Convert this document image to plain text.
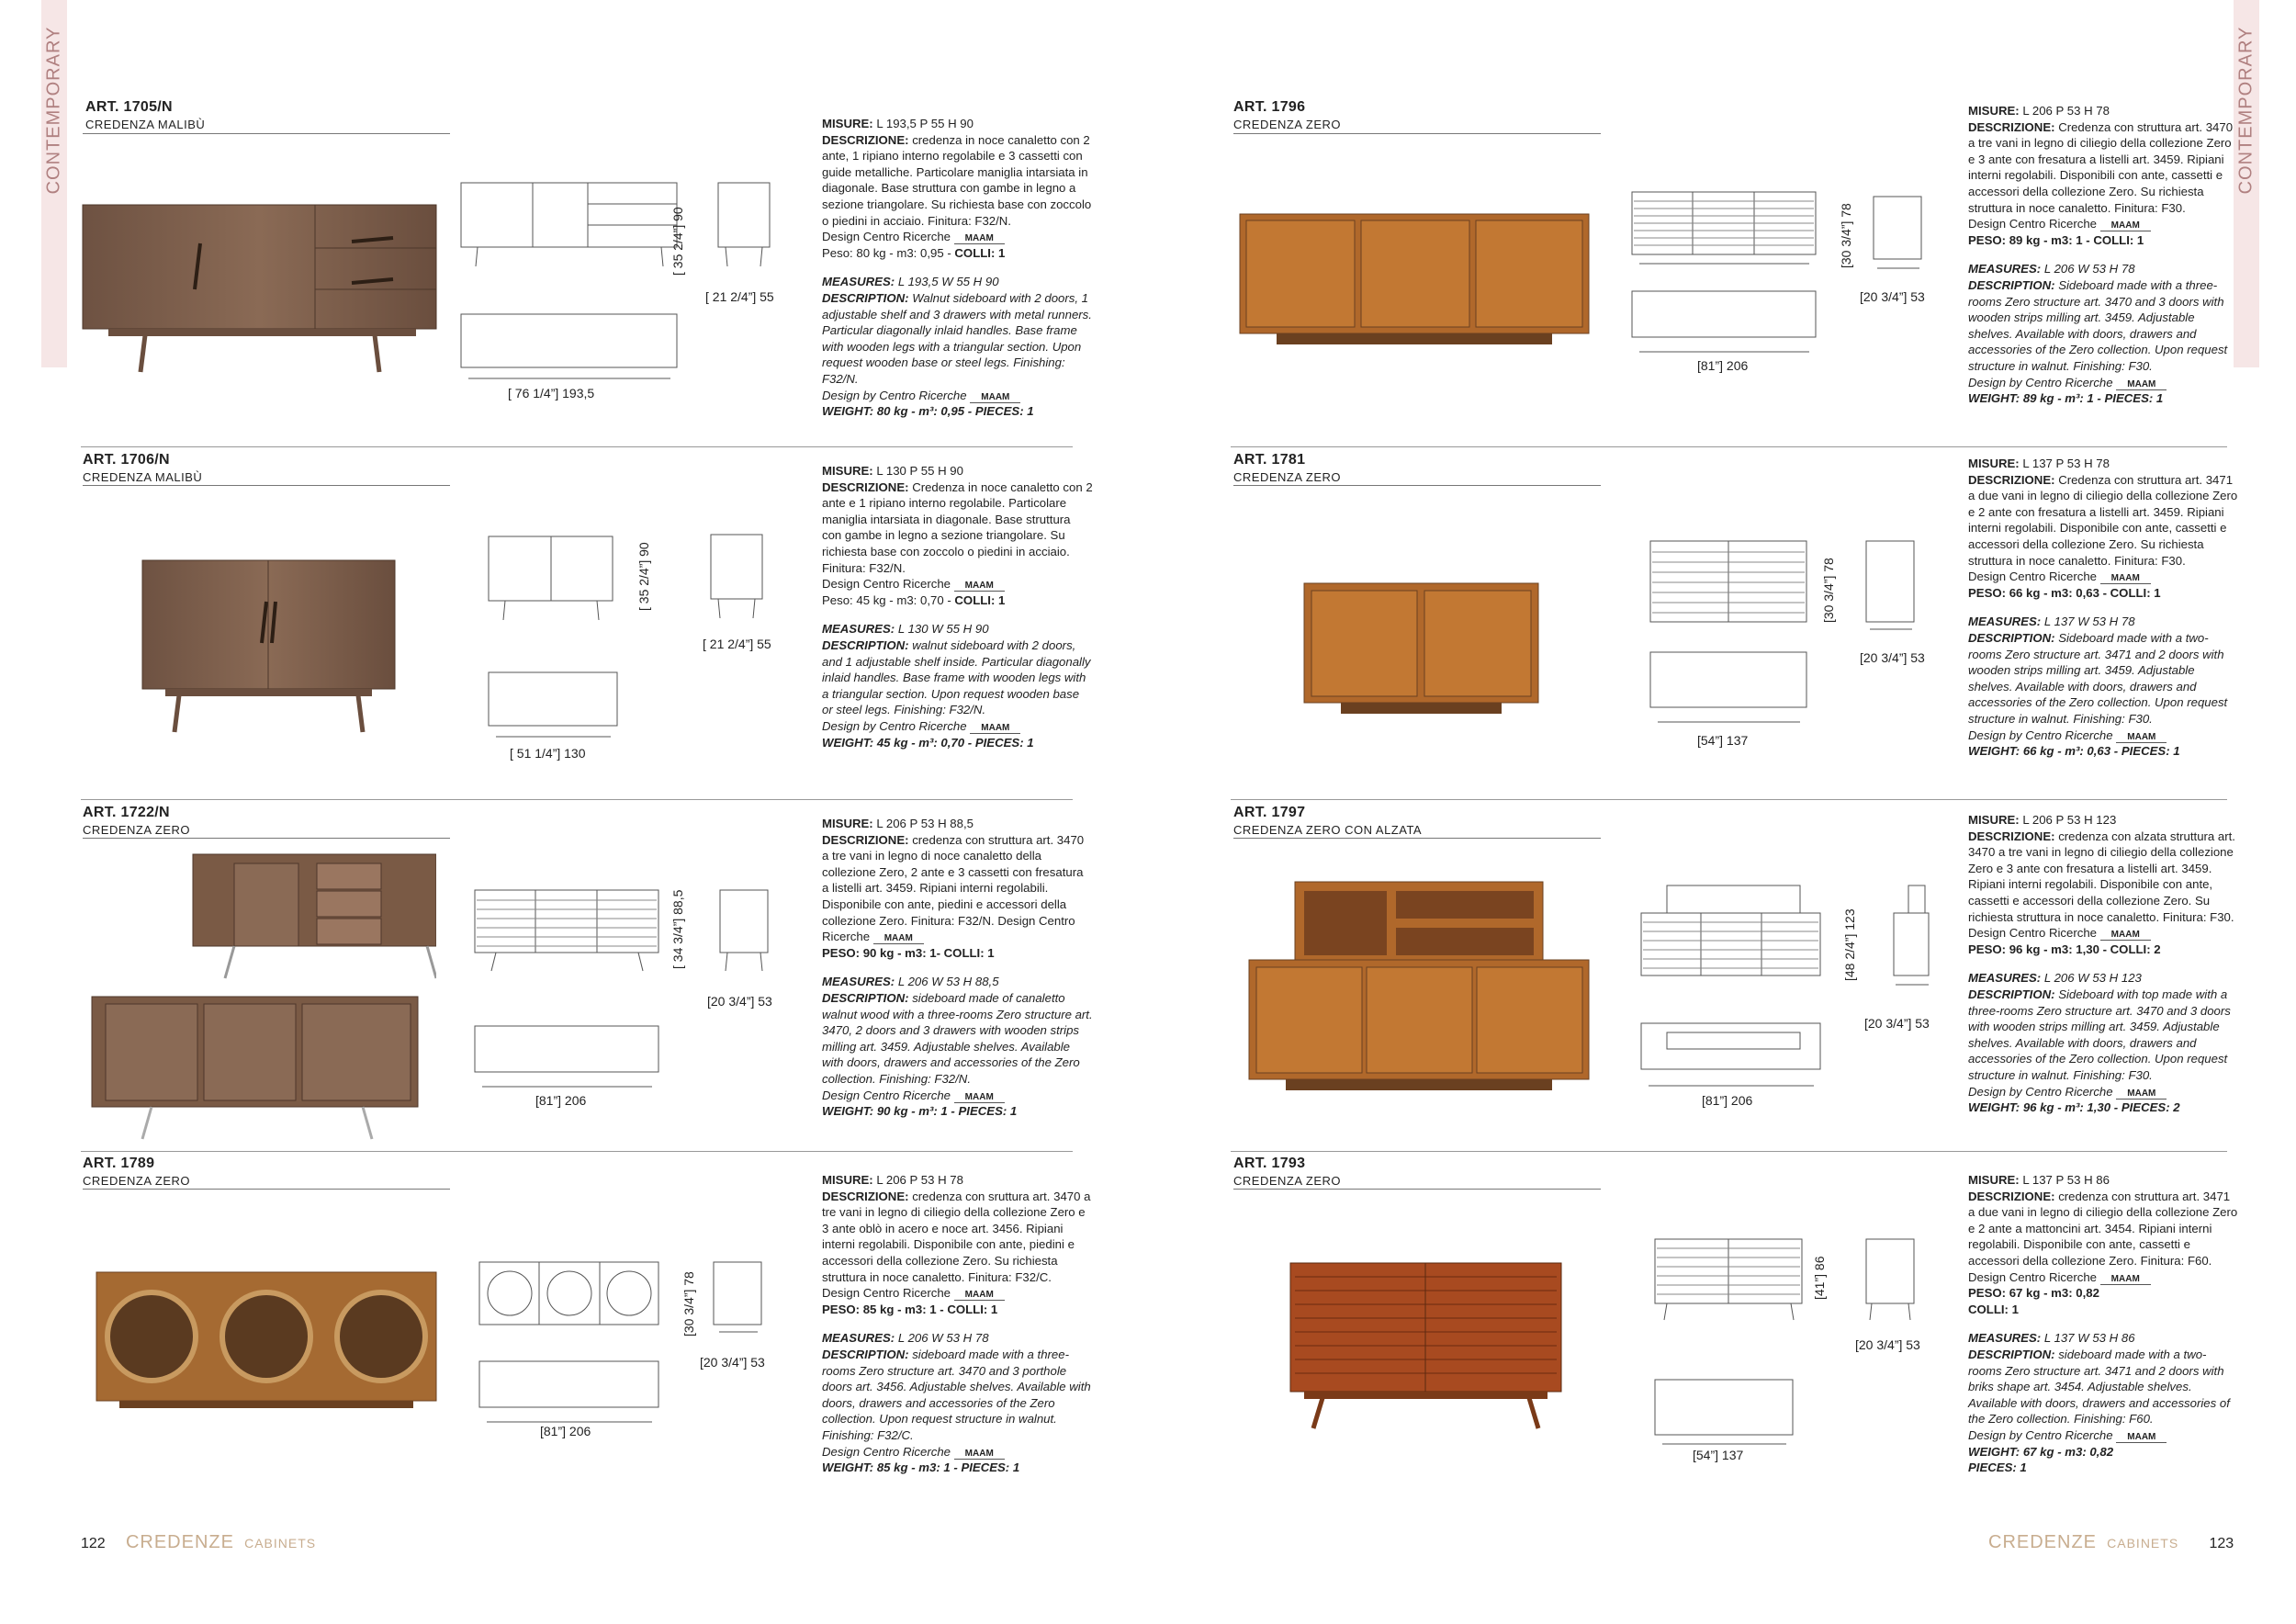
CONTEMPORARY	CONTEMPORARY
ART. 1705/N
CREDENZA MALIBÙ
[ 35 2/4”] 90
[ 21 2/4”] 55
[ 76 1/4”] 193,5

MISURE: L 193,5 P 55 H 90
DESCRIZIONE: credenza in noce canaletto con 2 ante, 1 ripiano interno regolabile e 3 cassetti con guide metalliche. Particolare maniglia intarsiata in diagonale. Base struttura con gambe in legno a sezione triangolare. Su richiesta base con zoccolo o piedini in acciaio. Finitura: F32/N.
Design Centro Ricerche MAAM
Peso: 80 kg - m3: 0,95 - COLLI: 1

MEASURES: L 193,5 W 55 H 90
DESCRIPTION: Walnut sideboard with 2 doors, 1 adjustable shelf and 3 drawers with metal runners. Particular diagonally inlaid handles. Base frame with wooden legs with a triangular section. Upon request wooden base or steel legs. Finishing: F32/N.
Design by Centro Ricerche MAAM
WEIGHT: 80 kg - m³: 0,95 - PIECES: 1

ART. 1706/N
CREDENZA MALIBÙ
[ 35 2/4”] 90
[ 21 2/4”] 55
[ 51 1/4”] 130

MISURE: L 130 P 55 H 90
DESCRIZIONE: Credenza in noce canaletto con 2 ante e 1 ripiano interno regolabile. Particolare maniglia intarsiata in diagonale. Base struttura con gambe in legno a sezione triangolare. Su richiesta base con zoccolo o piedini in acciaio. Finitura: F32/N.
Design Centro Ricerche MAAM
Peso: 45 kg - m3: 0,70 - COLLI: 1

MEASURES: L 130 W 55 H 90
DESCRIPTION: walnut sideboard with 2 doors, and 1 adjustable shelf inside. Particular diagonally inlaid handles. Base frame with wooden legs with a triangular section. Upon request wooden base or steel legs. Finishing: F32/N.
Design by Centro Ricerche MAAM
WEIGHT: 45 kg - m³: 0,70 - PIECES: 1

ART. 1722/N
CREDENZA ZERO
[ 34 3/4”] 88,5
[20 3/4”] 53
[81”] 206

MISURE: L 206 P 53 H 88,5
DESCRIZIONE: credenza con struttura art. 3470 a tre vani in legno di noce canaletto della collezione Zero, 2 ante e 3 cassetti con fresatura a listelli art. 3459. Ripiani interni regolabili. Disponibile con ante, piedini e accessori della collezione Zero. Finitura: F32/N. Design Centro Ricerche MAAM
PESO: 90 kg - m3: 1- COLLI: 1

MEASURES: L 206 W 53 H 88,5
DESCRIPTION: sideboard made of canaletto walnut wood with a three-rooms Zero structure art. 3470, 2 doors and 3 drawers with wooden strips milling art. 3459. Adjustable shelves. Available with doors, drawers and accessories of the Zero collection. Finishing: F32/N.
Design Centro Ricerche MAAM
WEIGHT: 90 kg - m³: 1 - PIECES: 1

ART. 1789
CREDENZA ZERO
[30 3/4”] 78
[20 3/4”] 53
[81”] 206

MISURE: L 206 P 53 H 78
DESCRIZIONE: credenza con sruttura art. 3470 a tre vani in legno di ciliegio della collezione Zero e 3 ante oblò in acero e noce art. 3456. Ripiani interni regolabili. Disponibile con ante, piedini e accessori della collezione Zero. Su richiesta struttura in noce canaletto. Finitura: F32/C.
Design Centro Ricerche MAAM
PESO: 85 kg - m3: 1 - COLLI: 1

MEASURES: L 206 W 53 H 78
DESCRIPTION: sideboard made with a three-rooms Zero structure art. 3470 and 3 porthole doors art. 3456. Adjustable shelves. Available with doors, drawers and accessories of the Zero collection. Upon request structure in walnut. Finishing: F32/C.
Design Centro Ricerche MAAM
WEIGHT: 85 kg - m3: 1 - PIECES: 1

ART. 1796
CREDENZA ZERO
[30 3/4”] 78
[20 3/4”] 53
[81”] 206

MISURE: L 206 P 53 H 78
DESCRIZIONE: Credenza con struttura art. 3470 a tre vani in legno di ciliegio della collezione Zero e 3 ante con fresatura a listelli art. 3459. Ripiani interni regolabili. Disponibili con ante, cassetti e accessori della collezione Zero. Su richiesta struttura in noce canaletto. Finitura: F30.
Design Centro Ricerche MAAM
PESO: 89 kg - m3: 1 - COLLI: 1

MEASURES: L 206 W 53 H 78
DESCRIPTION: Sideboard made with a three-rooms Zero structure art. 3470 and 3 doors with wooden strips milling art. 3459. Adjustable shelves. Available with doors, drawers and accessories of the Zero collection. Upon request structure in walnut. Finishing: F30.
Design by Centro Ricerche MAAM
WEIGHT: 89 kg - m³: 1 - PIECES: 1

ART. 1781
CREDENZA ZERO
[30 3/4”] 78
[20 3/4”] 53
[54”] 137

MISURE: L 137 P 53 H 78
DESCRIZIONE: Credenza con struttura art. 3471 a due vani in legno di ciliegio della collezione Zero e 2 ante con fresatura a listelli art. 3459. Ripiani interni regolabili. Disponibile con ante, cassetti e accessori della collezione Zero. Su richiesta struttura in noce canaletto. Finitura: F30.
Design Centro Ricerche MAAM
PESO: 66 kg - m3: 0,63 - COLLI: 1

MEASURES: L 137 W 53 H 78
DESCRIPTION: Sideboard made with a two-rooms Zero structure art. 3471 and 2 doors with wooden strips milling art. 3459. Adjustable shelves. Available with doors, drawers and accessories of the Zero collection. Upon request structure in walnut. Finishing: F30.
Design by Centro Ricerche MAAM
WEIGHT: 66 kg - m³: 0,63 - PIECES: 1

ART. 1797
CREDENZA ZERO CON ALZATA
[48 2/4”] 123
[20 3/4”] 53
[81”] 206

MISURE: L 206 P 53 H 123
DESCRIZIONE: credenza con alzata struttura art. 3470 a tre vani in legno di ciliegio della collezione Zero e 3 ante con fresatura a listelli art. 3459. Ripiani interni regolabili. Disponibile con ante, cassetti e accessori della collezione Zero. Su richiesta struttura in noce canaletto. Finitura: F30.
Design Centro Ricerche MAAM
PESO: 96 kg - m3: 1,30 - COLLI: 2

MEASURES: L 206 W 53 H 123
DESCRIPTION: Sideboard with top made with a three-rooms Zero structure art. 3470 and 3 doors with wooden strips milling art. 3459. Adjustable shelves. Available with doors, drawers and accessories of the Zero collection. Upon request structure in walnut. Finishing: F30.
Design by Centro Ricerche MAAM
WEIGHT: 96 kg - m³: 1,30 - PIECES: 2

ART. 1793
CREDENZA ZERO
[41”] 86
[20 3/4”] 53
[54”] 137

MISURE: L 137 P 53 H 86
DESCRIZIONE: credenza con struttura art. 3471 a due vani in legno di ciliegio della collezione Zero e 2 ante a mattoncini art. 3454. Ripiani interni regolabili. Disponibile con ante, cassetti e accessori della collezione Zero. Finitura: F60.
Design Centro Ricerche MAAM
PESO: 67 kg - m3: 0,82
COLLI: 1

MEASURES: L 137 W 53 H 86
DESCRIPTION: sideboard made with a two-rooms Zero structure art. 3471 and 2 doors with briks shape art. 3454. Adjustable shelves. Available with doors, drawers and accessories of the Zero collection. Finishing: F60.
Design by Centro Ricerche MAAM
WEIGHT: 67 kg - m3: 0,82
PIECES: 1

122 CREDENZE CABINETS	CREDENZE CABINETS 123
